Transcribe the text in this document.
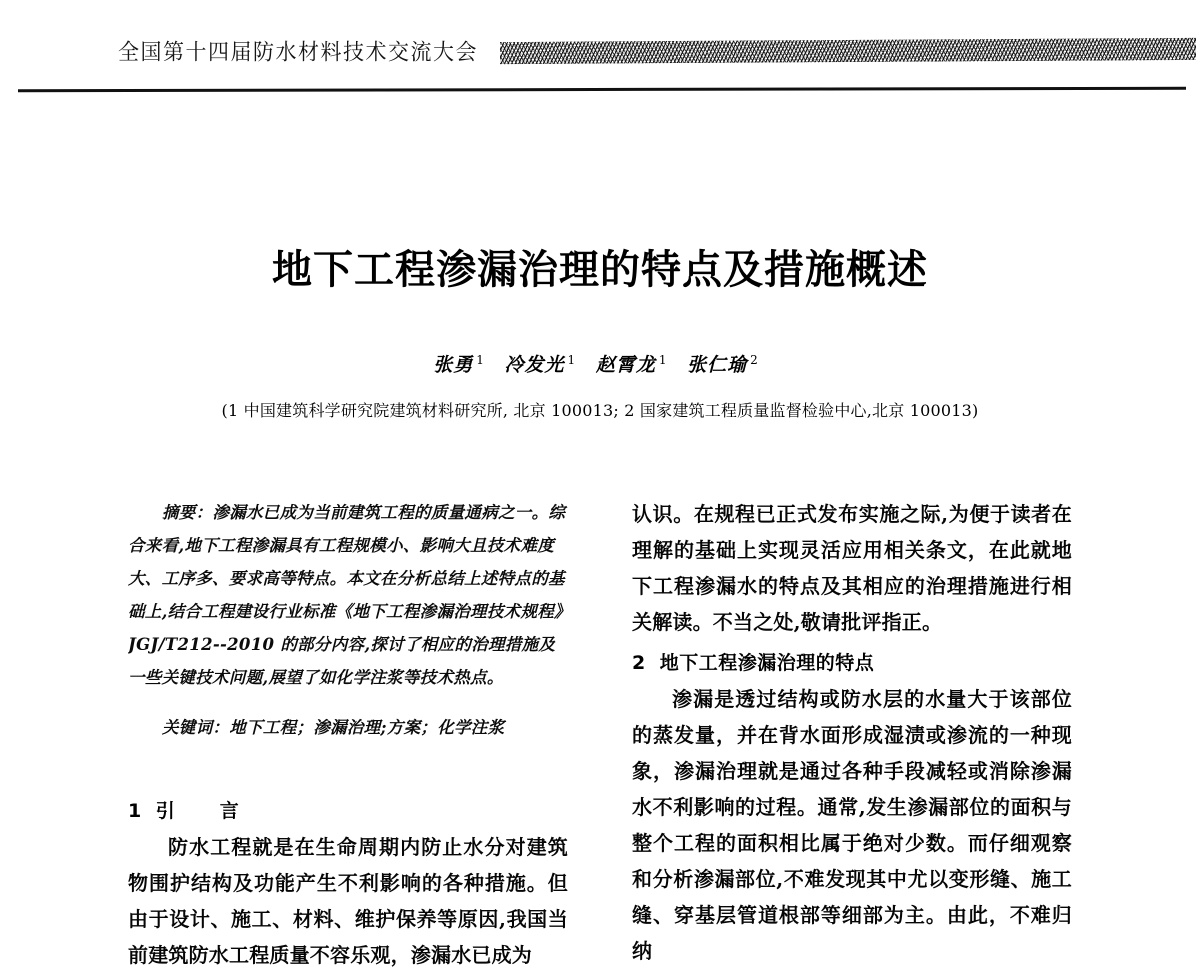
全国第十四届防水材料技术交流大会
地下工程渗漏治理的特点及措施概述
张勇 $^1$ 冷发光 $^1$ 赵霄龙 $^1$ 张仁瑜 $^2$
(1 中国建筑科学研究院建筑材料研究所, 北京 100013; 2 国家建筑工程质量监督检验中心,北京 100013)
摘要：渗漏水已成为当前建筑工程的质量通病之一。综合来看,地下工程渗漏具有工程规模小、影响大且技术难度大、工序多、要求高等特点。本文在分析总结上述特点的基础上,结合工程建设行业标准《地下工程渗漏治理技术规程》JGJ/T212--2010 的部分内容,探讨了相应的治理措施及一些关键技术问题,展望了如化学注浆等技术热点。
关键词：地下工程；渗漏治理;方案；化学注浆
1 引　言

防水工程就是在生命周期内防止水分对建筑物围护结构及功能产生不利影响的各种措施。但由于设计、施工、材料、维护保养等原因,我国当前建筑防水工程质量不容乐观，渗漏水已成为

认识。在规程已正式发布实施之际,为便于读者在理解的基础上实现灵活应用相关条文，在此就地下工程渗漏水的特点及其相应的治理措施进行相关解读。不当之处,敬请批评指正。

2 地下工程渗漏治理的特点

渗漏是透过结构或防水层的水量大于该部位的蒸发量，并在背水面形成湿渍或渗流的一种现象，渗漏治理就是通过各种手段减轻或消除渗漏水不利影响的过程。通常,发生渗漏部位的面积与整个工程的面积相比属于绝对少数。而仔细观察和分析渗漏部位,不难发现其中尤以变形缝、施工缝、穿基层管道根部等细部为主。由此，不难归纳
